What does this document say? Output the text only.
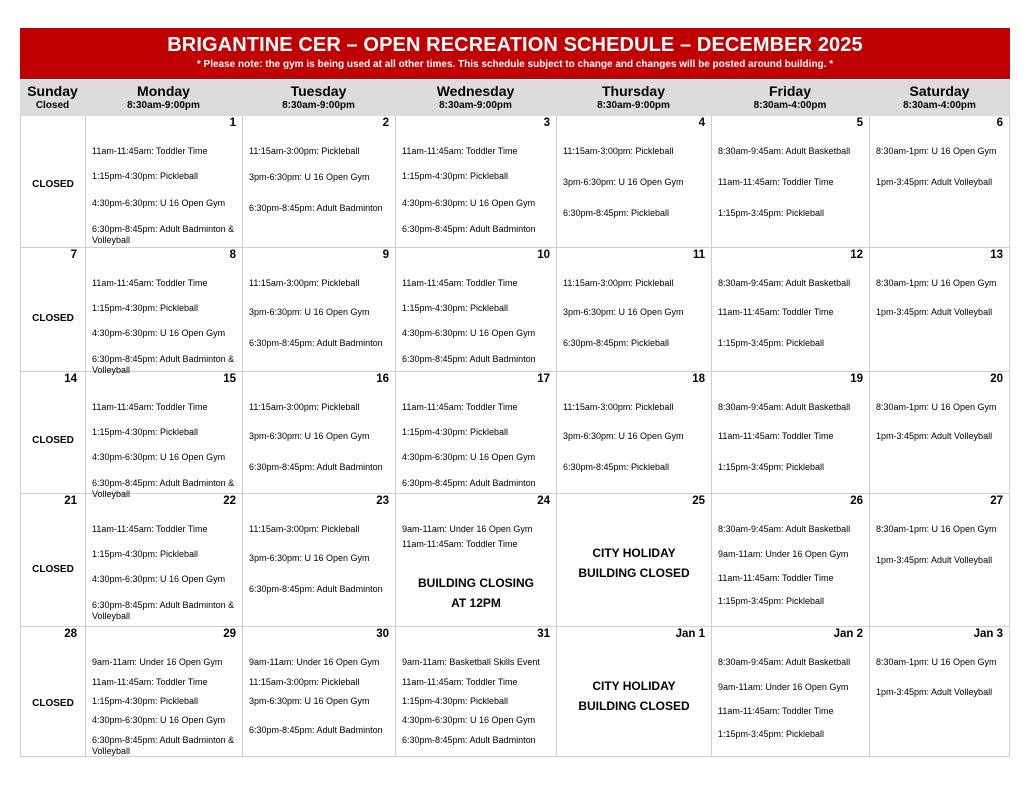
BRIGANTINE CER – OPEN RECREATION SCHEDULE – DECEMBER 2025
* Please note: the gym is being used at all other times. This schedule subject to change and changes will be posted around building. *
Sunday
Closed
Monday
8:30am-9:00pm
Tuesday
8:30am-9:00pm
Wednesday
8:30am-9:00pm
Thursday
8:30am-9:00pm
Friday
8:30am-4:00pm
Saturday
8:30am-4:00pm
CLOSED
1
11am-11:45am: Toddler Time
1:15pm-4:30pm: Pickleball
4:30pm-6:30pm: U 16 Open Gym
6:30pm-8:45pm: Adult Badminton & Volleyball
2
11:15am-3:00pm: Pickleball
3pm-6:30pm: U 16 Open Gym
6:30pm-8:45pm: Adult Badminton
3
11am-11:45am: Toddler Time
1:15pm-4:30pm: Pickleball
4:30pm-6:30pm: U 16 Open Gym
6:30pm-8:45pm: Adult Badminton
4
11:15am-3:00pm: Pickleball
3pm-6:30pm: U 16 Open Gym
6:30pm-8:45pm: Pickleball
5
8:30am-9:45am: Adult Basketball
11am-11:45am: Toddler Time
1:15pm-3:45pm: Pickleball
6
8:30am-1pm: U 16 Open Gym
1pm-3:45pm: Adult Volleyball
7
CLOSED
8
11am-11:45am: Toddler Time
1:15pm-4:30pm: Pickleball
4:30pm-6:30pm: U 16 Open Gym
6:30pm-8:45pm: Adult Badminton & Volleyball
9
11:15am-3:00pm: Pickleball
3pm-6:30pm: U 16 Open Gym
6:30pm-8:45pm: Adult Badminton
10
11am-11:45am: Toddler Time
1:15pm-4:30pm: Pickleball
4:30pm-6:30pm: U 16 Open Gym
6:30pm-8:45pm: Adult Badminton
11
11:15am-3:00pm: Pickleball
3pm-6:30pm: U 16 Open Gym
6:30pm-8:45pm: Pickleball
12
8:30am-9:45am: Adult Basketball
11am-11:45am: Toddler Time
1:15pm-3:45pm: Pickleball
13
8:30am-1pm: U 16 Open Gym
1pm-3:45pm: Adult Volleyball
14
CLOSED
15
11am-11:45am: Toddler Time
1:15pm-4:30pm: Pickleball
4:30pm-6:30pm: U 16 Open Gym
6:30pm-8:45pm: Adult Badminton & Volleyball
16
11:15am-3:00pm: Pickleball
3pm-6:30pm: U 16 Open Gym
6:30pm-8:45pm: Adult Badminton
17
11am-11:45am: Toddler Time
1:15pm-4:30pm: Pickleball
4:30pm-6:30pm: U 16 Open Gym
6:30pm-8:45pm: Adult Badminton
18
11:15am-3:00pm: Pickleball
3pm-6:30pm: U 16 Open Gym
6:30pm-8:45pm: Pickleball
19
8:30am-9:45am: Adult Basketball
11am-11:45am: Toddler Time
1:15pm-3:45pm: Pickleball
20
8:30am-1pm: U 16 Open Gym
1pm-3:45pm: Adult Volleyball
21
CLOSED
22
11am-11:45am: Toddler Time
1:15pm-4:30pm: Pickleball
4:30pm-6:30pm: U 16 Open Gym
6:30pm-8:45pm: Adult Badminton & Volleyball
23
11:15am-3:00pm: Pickleball
3pm-6:30pm: U 16 Open Gym
6:30pm-8:45pm: Adult Badminton
24
9am-11am: Under 16 Open Gym
11am-11:45am: Toddler Time
BUILDING CLOSING
AT 12PM
25
CITY HOLIDAY
BUILDING CLOSED
26
8:30am-9:45am: Adult Basketball
9am-11am: Under 16 Open Gym
11am-11:45am: Toddler Time
1:15pm-3:45pm: Pickleball
27
8:30am-1pm: U 16 Open Gym
1pm-3:45pm: Adult Volleyball
28
CLOSED
29
9am-11am: Under 16 Open Gym
11am-11:45am: Toddler Time
1:15pm-4:30pm: Pickleball
4:30pm-6:30pm: U 16 Open Gym
6:30pm-8:45pm: Adult Badminton & Volleyball
30
9am-11am: Under 16 Open Gym
11:15am-3:00pm: Pickleball
3pm-6:30pm: U 16 Open Gym
6:30pm-8:45pm: Adult Badminton
31
9am-11am: Basketball Skills Event
11am-11:45am: Toddler Time
1:15pm-4:30pm: Pickleball
4:30pm-6:30pm: U 16 Open Gym
6:30pm-8:45pm: Adult Badminton
Jan 1
CITY HOLIDAY
BUILDING CLOSED
Jan 2
8:30am-9:45am: Adult Basketball
9am-11am: Under 16 Open Gym
11am-11:45am: Toddler Time
1:15pm-3:45pm: Pickleball
Jan 3
8:30am-1pm: U 16 Open Gym
1pm-3:45pm: Adult Volleyball
